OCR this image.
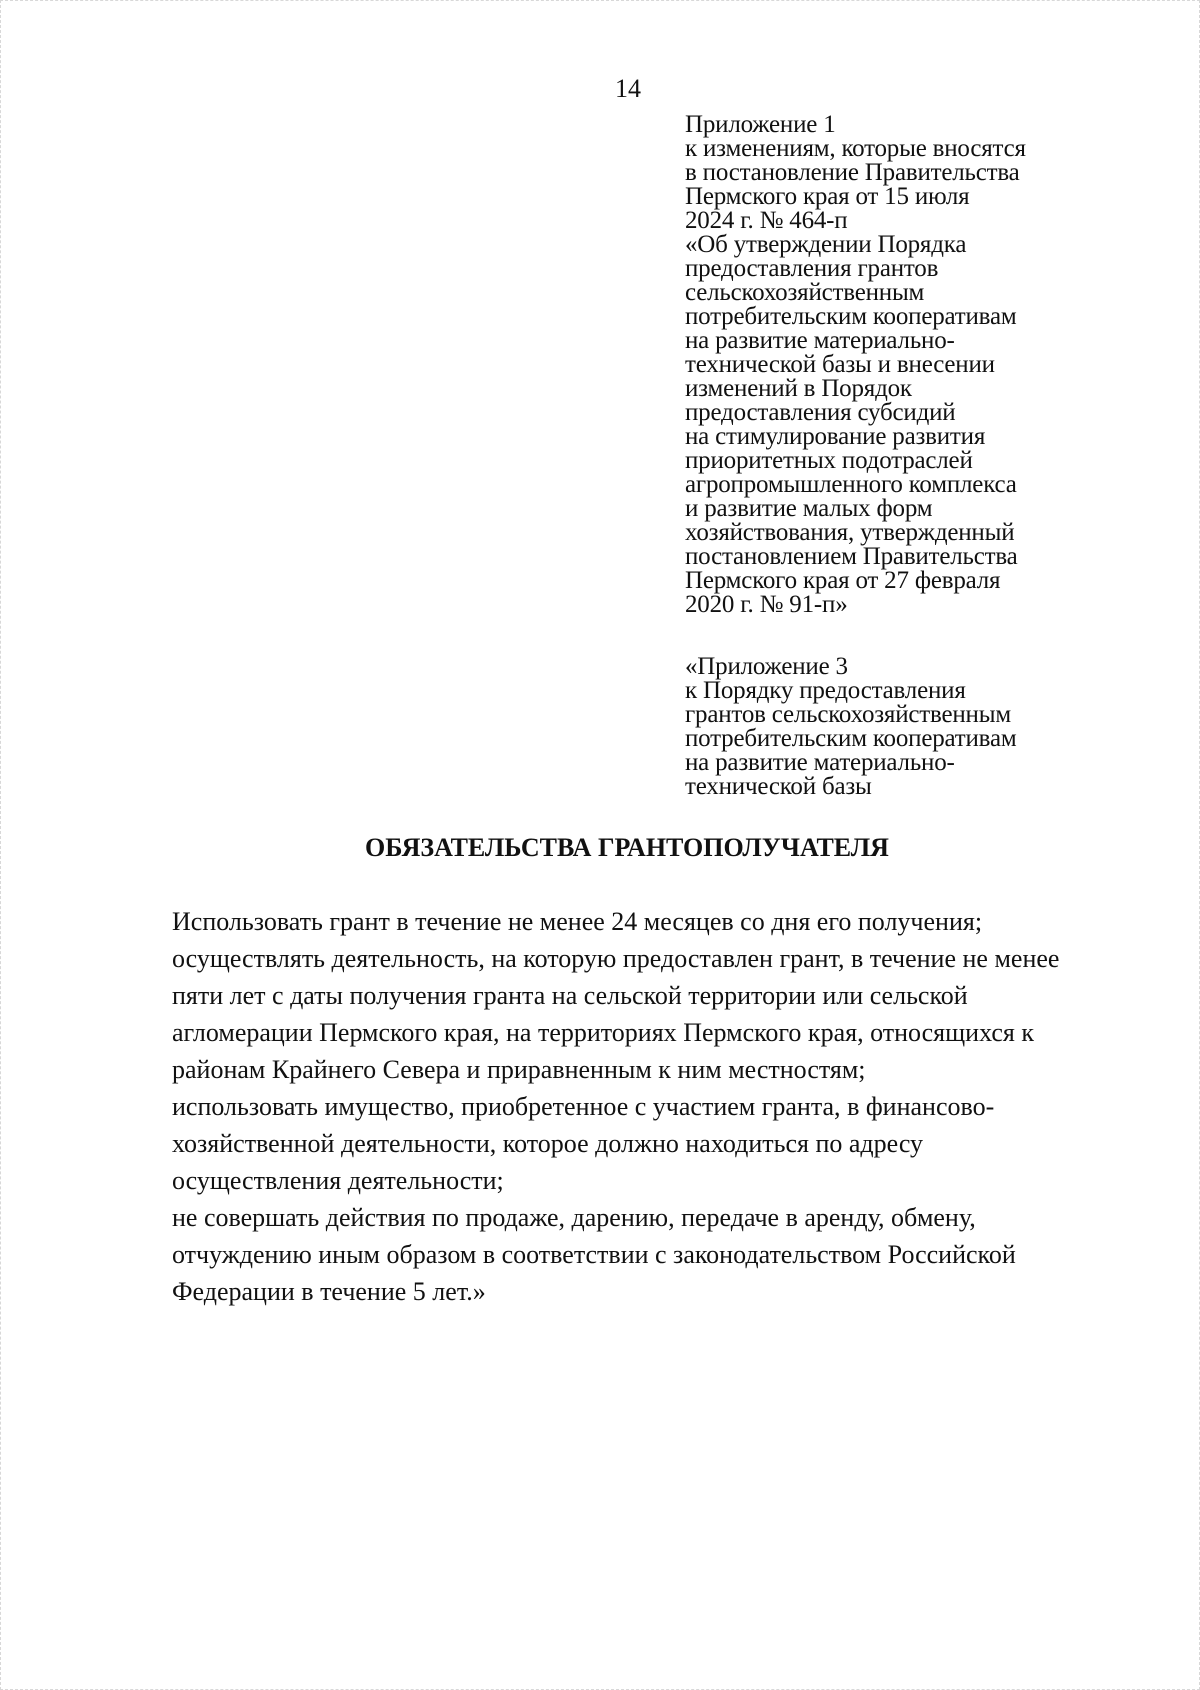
14
Приложение 1
к изменениям, которые вносятся
в постановление Правительства
Пермского края от 15 июля
2024 г. № 464-п
«Об утверждении Порядка
предоставления грантов
сельскохозяйственным
потребительским кооперативам
на развитие материально-
технической базы и внесении
изменений в Порядок
предоставления субсидий
на стимулирование развития
приоритетных подотраслей
агропромышленного комплекса
и развитие малых форм
хозяйствования, утвержденный
постановлением Правительства
Пермского края от 27 февраля
2020 г. № 91-п»
«Приложение 3
к Порядку предоставления
грантов сельскохозяйственным
потребительским кооперативам
на развитие материально-
технической базы
ОБЯЗАТЕЛЬСТВА ГРАНТОПОЛУЧАТЕЛЯ
Использовать грант в течение не менее 24 месяцев со дня его получения;
осуществлять деятельность, на которую предоставлен грант, в течение не менее пяти лет с даты получения гранта на сельской территории или сельской агломерации Пермского края, на территориях Пермского края, относящихся к районам Крайнего Севера и приравненным к ним местностям;
использовать имущество, приобретенное с участием гранта, в финансово-хозяйственной деятельности, которое должно находиться по адресу осуществления деятельности;
не совершать действия по продаже, дарению, передаче в аренду, обмену, отчуждению иным образом в соответствии с законодательством Российской Федерации в течение 5 лет.»
